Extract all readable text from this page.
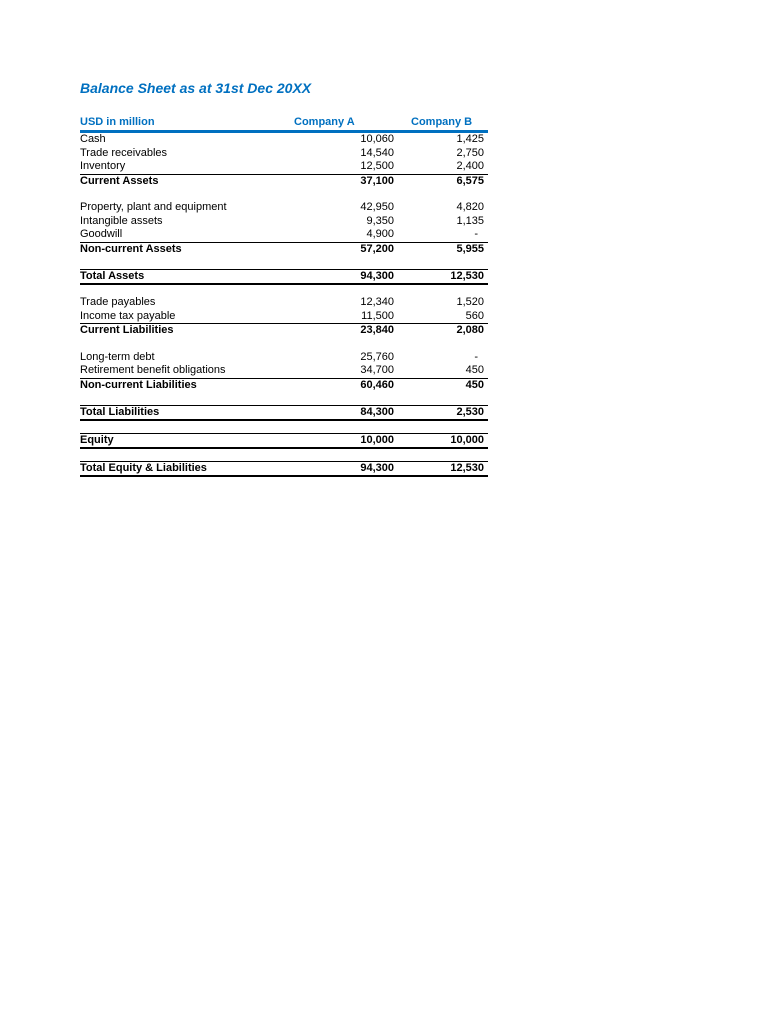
Balance Sheet as at 31st Dec 20XX
USD in million	Company A	Company B
Cash	10,060	1,425
Trade receivables	14,540	2,750
Inventory	12,500	2,400
Current Assets	37,100	6,575
Property, plant and equipment	42,950	4,820
Intangible assets	9,350	1,135
Goodwill	4,900	-
Non-current Assets	57,200	5,955
Total Assets	94,300	12,530
Trade payables	12,340	1,520
Income tax payable	11,500	560
Current Liabilities	23,840	2,080
Long-term debt	25,760	-
Retirement benefit obligations	34,700	450
Non-current Liabilities	60,460	450
Total Liabilities	84,300	2,530
Equity	10,000	10,000
Total Equity & Liabilities	94,300	12,530
